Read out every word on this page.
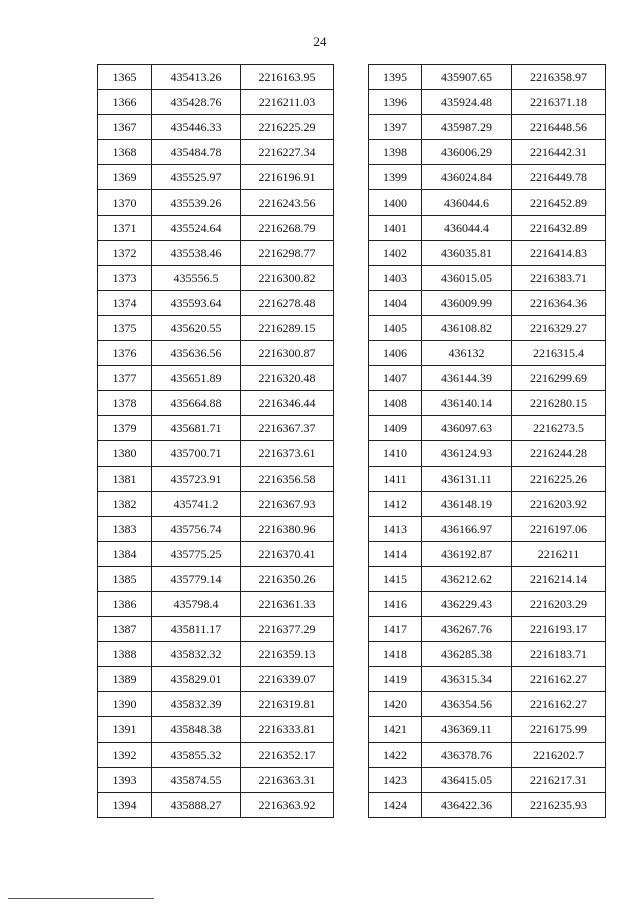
24
1365	435413.26	2216163.95
1366	435428.76	2216211.03
1367	435446.33	2216225.29
1368	435484.78	2216227.34
1369	435525.97	2216196.91
1370	435539.26	2216243.56
1371	435524.64	2216268.79
1372	435538.46	2216298.77
1373	435556.5	2216300.82
1374	435593.64	2216278.48
1375	435620.55	2216289.15
1376	435636.56	2216300.87
1377	435651.89	2216320.48
1378	435664.88	2216346.44
1379	435681.71	2216367.37
1380	435700.71	2216373.61
1381	435723.91	2216356.58
1382	435741.2	2216367.93
1383	435756.74	2216380.96
1384	435775.25	2216370.41
1385	435779.14	2216350.26
1386	435798.4	2216361.33
1387	435811.17	2216377.29
1388	435832.32	2216359.13
1389	435829.01	2216339.07
1390	435832.39	2216319.81
1391	435848.38	2216333.81
1392	435855.32	2216352.17
1393	435874.55	2216363.31
1394	435888.27	2216363.92
1395	435907.65	2216358.97
1396	435924.48	2216371.18
1397	435987.29	2216448.56
1398	436006.29	2216442.31
1399	436024.84	2216449.78
1400	436044.6	2216452.89
1401	436044.4	2216432.89
1402	436035.81	2216414.83
1403	436015.05	2216383.71
1404	436009.99	2216364.36
1405	436108.82	2216329.27
1406	436132	2216315.4
1407	436144.39	2216299.69
1408	436140.14	2216280.15
1409	436097.63	2216273.5
1410	436124.93	2216244.28
1411	436131.11	2216225.26
1412	436148.19	2216203.92
1413	436166.97	2216197.06
1414	436192.87	2216211
1415	436212.62	2216214.14
1416	436229.43	2216203.29
1417	436267.76	2216193.17
1418	436285.38	2216183.71
1419	436315.34	2216162.27
1420	436354.56	2216162.27
1421	436369.11	2216175.99
1422	436378.76	2216202.7
1423	436415.05	2216217.31
1424	436422.36	2216235.93
